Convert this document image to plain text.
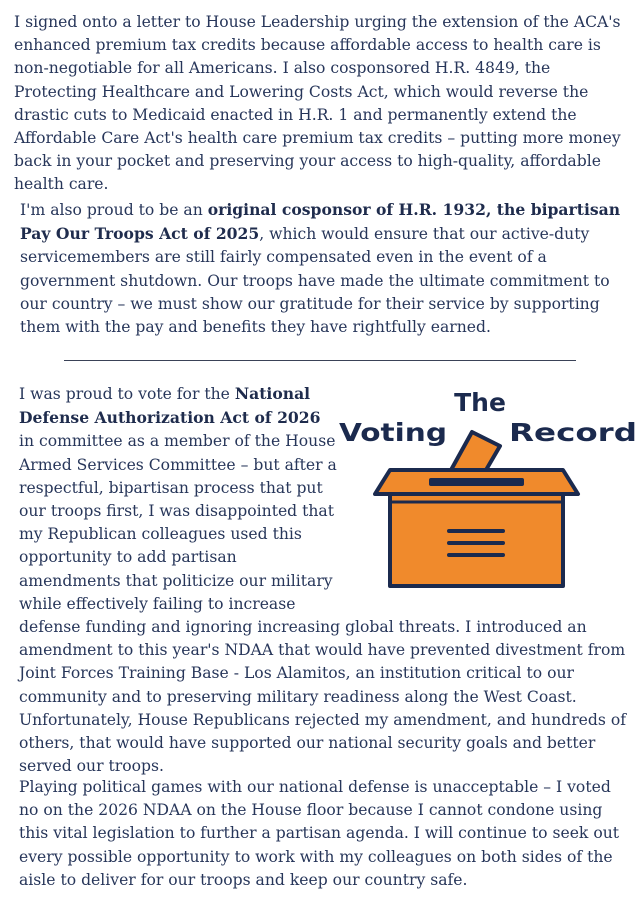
I signed onto a letter to House Leadership urging the extension of the ACA's enhanced premium tax credits because affordable access to health care is non-negotiable for all Americans. I also cosponsored H.R. 4849, the Protecting Healthcare and Lowering Costs Act, which would reverse the drastic cuts to Medicaid enacted in H.R. 1 and permanently extend the Affordable Care Act's health care premium tax credits – putting more money back in your pocket and preserving your access to high-quality, affordable health care.

I'm also proud to be an original cosponsor of H.R. 1932, the bipartisan Pay Our Troops Act of 2025, which would ensure that our active-duty servicemembers are still fairly compensated even in the event of a government shutdown. Our troops have made the ultimate commitment to our country – we must show our gratitude for their service by supporting them with the pay and benefits they have rightfully earned.

The
Voting Record

I was proud to vote for the National Defense Authorization Act of 2026 in committee as a member of the House Armed Services Committee – but after a respectful, bipartisan process that put our troops first, I was disappointed that my Republican colleagues used this opportunity to add partisan amendments that politicize our military while effectively failing to increase defense funding and ignoring increasing global threats. I introduced an amendment to this year's NDAA that would have prevented divestment from Joint Forces Training Base - Los Alamitos, an institution critical to our community and to preserving military readiness along the West Coast. Unfortunately, House Republicans rejected my amendment, and hundreds of others, that would have supported our national security goals and better served our troops.

Playing political games with our national defense is unacceptable – I voted no on the 2026 NDAA on the House floor because I cannot condone using this vital legislation to further a partisan agenda. I will continue to seek out every possible opportunity to work with my colleagues on both sides of the aisle to deliver for our troops and keep our country safe.
